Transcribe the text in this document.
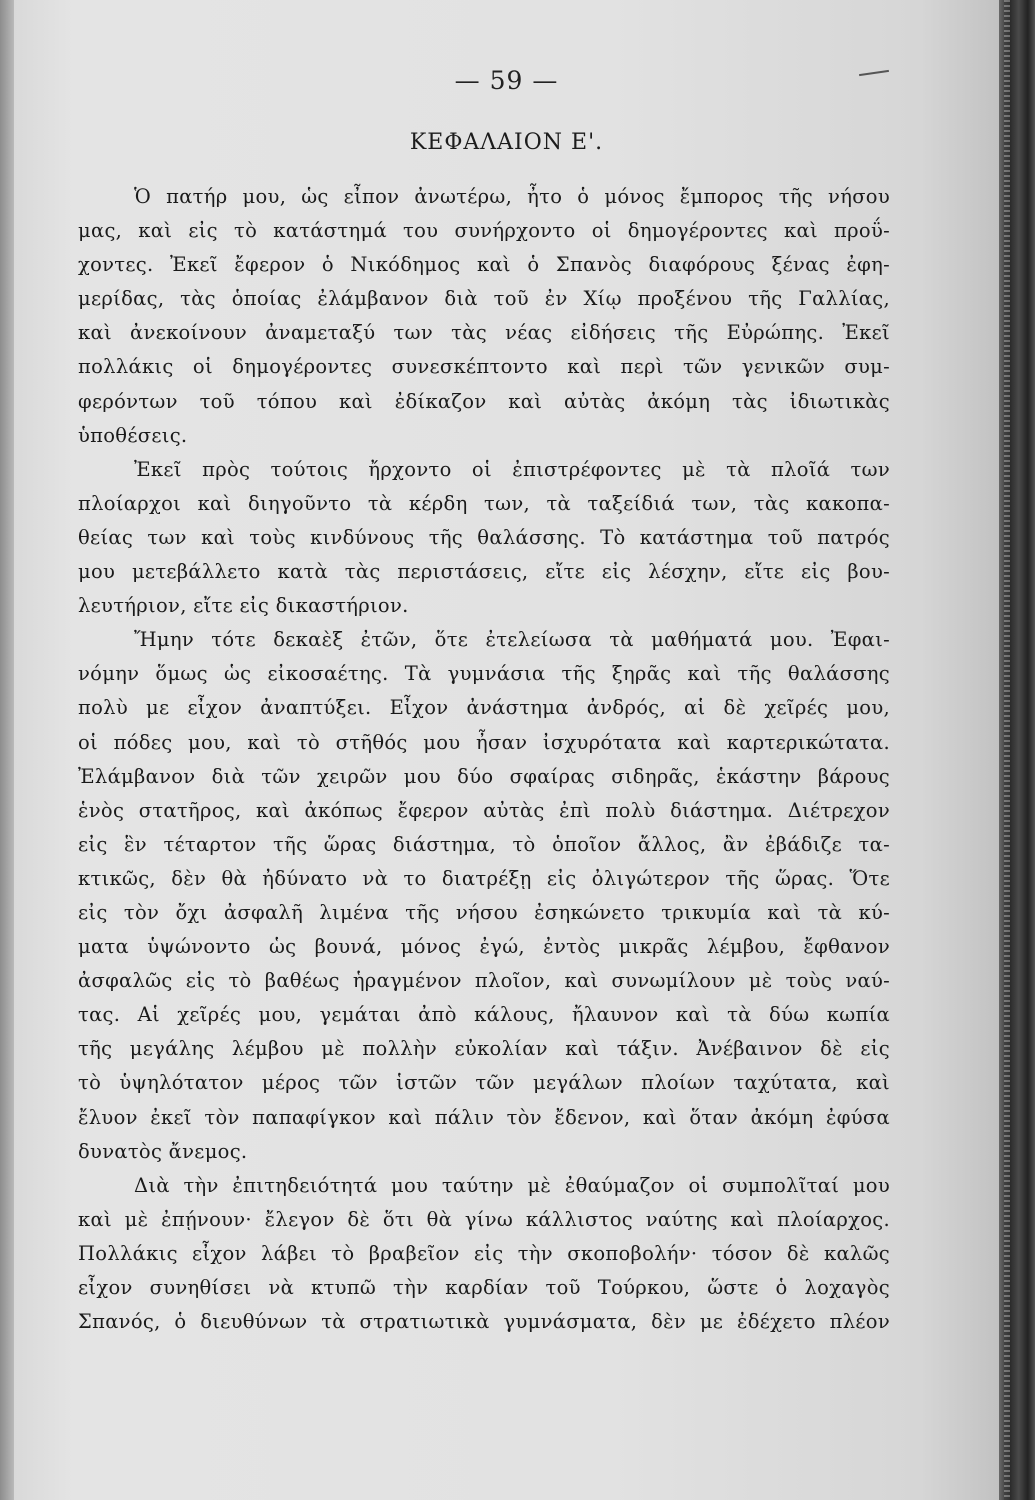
— 59 —
ΚΕΦΑΛΑΙΟΝ Ε'.
Ὁ πατήρ μου, ὡς εἶπον ἀνωτέρω, ἦτο ὁ μόνος ἔμπορος τῆς νήσου
μας, καὶ εἰς τὸ κατάστημά του συνήρχοντο οἱ δημογέροντες καὶ προΰ-
χοντες. Ἐκεῖ ἔφερον ὁ Νικόδημος καὶ ὁ Σπανὸς διαφόρους ξένας ἐφη-
μερίδας, τὰς ὁποίας ἐλάμβανον διὰ τοῦ ἐν Χίῳ προξένου τῆς Γαλλίας,
καὶ ἀνεκοίνουν ἀναμεταξύ των τὰς νέας εἰδήσεις τῆς Εὐρώπης. Ἐκεῖ
πολλάκις οἱ δημογέροντες συνεσκέπτοντο καὶ περὶ τῶν γενικῶν συμ-
φερόντων τοῦ τόπου καὶ ἐδίκαζον καὶ αὐτὰς ἀκόμη τὰς ἰδιωτικὰς
ὑποθέσεις.
Ἐκεῖ πρὸς τούτοις ἤρχοντο οἱ ἐπιστρέφοντες μὲ τὰ πλοῖά των
πλοίαρχοι καὶ διηγοῦντο τὰ κέρδη των, τὰ ταξείδιά των, τὰς κακοπα-
θείας των καὶ τοὺς κινδύνους τῆς θαλάσσης. Τὸ κατάστημα τοῦ πατρός
μου μετεβάλλετο κατὰ τὰς περιστάσεις, εἴτε εἰς λέσχην, εἴτε εἰς βου-
λευτήριον, εἴτε εἰς δικαστήριον.
Ἤμην τότε δεκαὲξ ἐτῶν, ὅτε ἐτελείωσα τὰ μαθήματά μου. Ἐφαι-
νόμην ὅμως ὡς εἰκοσαέτης. Τὰ γυμνάσια τῆς ξηρᾶς καὶ τῆς θαλάσσης
πολὺ με εἶχον ἀναπτύξει. Εἶχον ἀνάστημα ἀνδρός, αἱ δὲ χεῖρές μου,
οἱ πόδες μου, καὶ τὸ στῆθός μου ἦσαν ἰσχυρότατα καὶ καρτερικώτατα.
Ἐλάμβανον διὰ τῶν χειρῶν μου δύο σφαίρας σιδηρᾶς, ἑκάστην βάρους
ἑνὸς στατῆρος, καὶ ἀκόπως ἔφερον αὐτὰς ἐπὶ πολὺ διάστημα. Διέτρεχον
εἰς ἓν τέταρτον τῆς ὥρας διάστημα, τὸ ὁποῖον ἄλλος, ἂν ἐβάδιζε τα-
κτικῶς, δὲν θὰ ἠδύνατο νὰ το διατρέξῃ εἰς ὀλιγώτερον τῆς ὥρας. Ὅτε
εἰς τὸν ὄχι ἀσφαλῆ λιμένα τῆς νήσου ἐσηκώνετο τρικυμία καὶ τὰ κύ-
ματα ὑψώνοντο ὡς βουνά, μόνος ἐγώ, ἐντὸς μικρᾶς λέμβου, ἔφθανον
ἀσφαλῶς εἰς τὸ βαθέως ἡραγμένον πλοῖον, καὶ συνωμίλουν μὲ τοὺς ναύ-
τας. Αἱ χεῖρές μου, γεμάται ἀπὸ κάλους, ἤλαυνον καὶ τὰ δύω κωπία
τῆς μεγάλης λέμβου μὲ πολλὴν εὐκολίαν καὶ τάξιν. Ἀνέβαινον δὲ εἰς
τὸ ὑψηλότατον μέρος τῶν ἱστῶν τῶν μεγάλων πλοίων ταχύτατα, καὶ
ἔλυον ἐκεῖ τὸν παπαφίγκον καὶ πάλιν τὸν ἔδενον, καὶ ὅταν ἀκόμη ἐφύσα
δυνατὸς ἄνεμος.
Διὰ τὴν ἐπιτηδειότητά μου ταύτην μὲ ἐθαύμαζον οἱ συμπολῖταί μου
καὶ μὲ ἐπῄνουν· ἔλεγον δὲ ὅτι θὰ γίνω κάλλιστος ναύτης καὶ πλοίαρχος.
Πολλάκις εἶχον λάβει τὸ βραβεῖον εἰς τὴν σκοποβολήν· τόσον δὲ καλῶς
εἶχον συνηθίσει νὰ κτυπῶ τὴν καρδίαν τοῦ Τούρκου, ὥστε ὁ λοχαγὸς
Σπανός, ὁ διευθύνων τὰ στρατιωτικὰ γυμνάσματα, δὲν με ἐδέχετο πλέον
